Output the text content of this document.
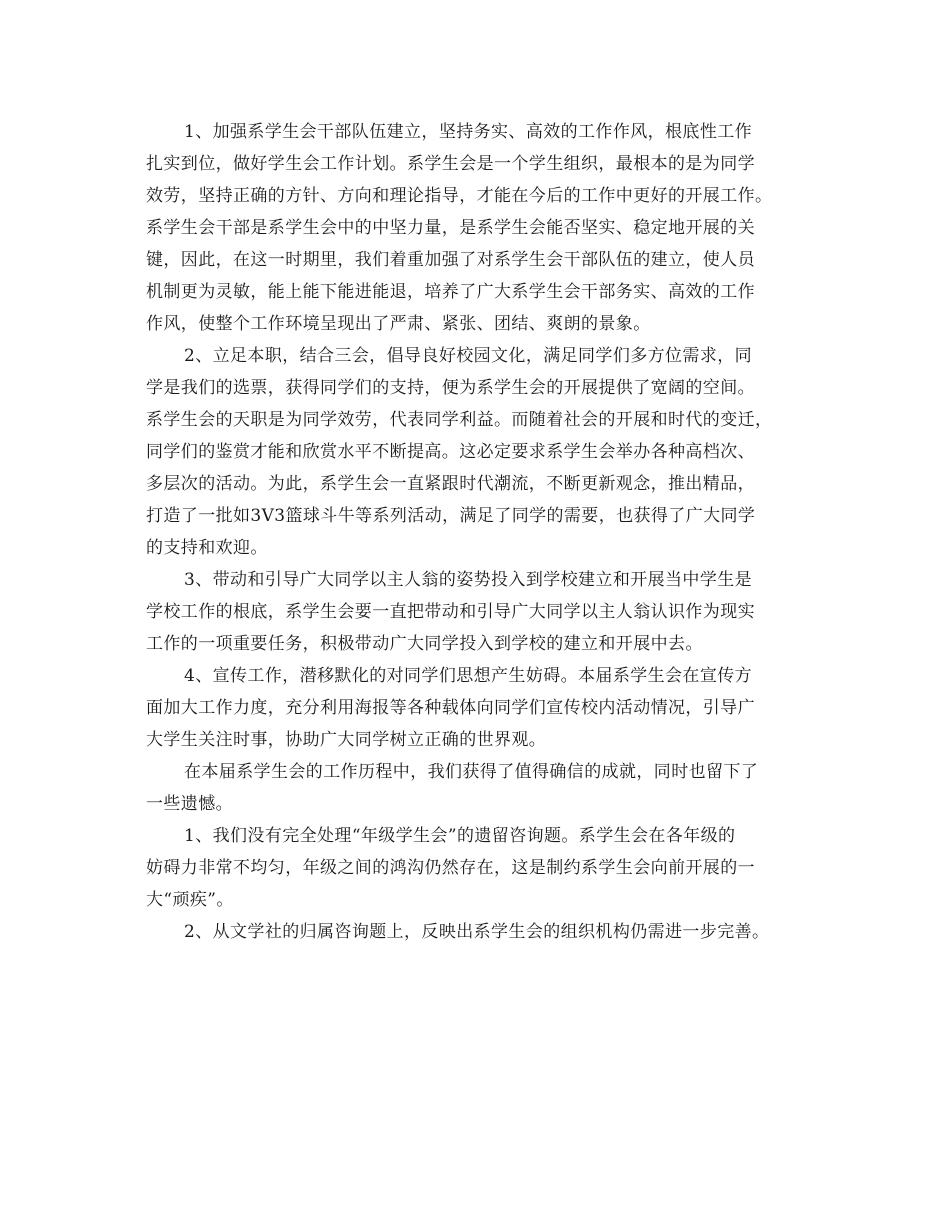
1、加强系学生会干部队伍建立，坚持务实、高效的工作作风，根底性工作
扎实到位，做好学生会工作计划。系学生会是一个学生组织，最根本的是为同学
效劳，坚持正确的方针、方向和理论指导，才能在今后的工作中更好的开展工作。
系学生会干部是系学生会中的中坚力量，是系学生会能否坚实、稳定地开展的关
键，因此，在这一时期里，我们着重加强了对系学生会干部队伍的建立，使人员
机制更为灵敏，能上能下能进能退，培养了广大系学生会干部务实、高效的工作
作风，使整个工作环境呈现出了严肃、紧张、团结、爽朗的景象。

2、立足本职，结合三会，倡导良好校园文化，满足同学们多方位需求，同
学是我们的选票，获得同学们的支持，便为系学生会的开展提供了宽阔的空间。
系学生会的天职是为同学效劳，代表同学利益。而随着社会的开展和时代的变迁，
同学们的鉴赏才能和欣赏水平不断提高。这必定要求系学生会举办各种高档次、
多层次的活动。为此，系学生会一直紧跟时代潮流，不断更新观念，推出精品，
打造了一批如3V3篮球斗牛等系列活动，满足了同学的需要，也获得了广大同学
的支持和欢迎。

3、带动和引导广大同学以主人翁的姿势投入到学校建立和开展当中学生是
学校工作的根底，系学生会要一直把带动和引导广大同学以主人翁认识作为现实
工作的一项重要任务，积极带动广大同学投入到学校的建立和开展中去。

4、宣传工作，潜移默化的对同学们思想产生妨碍。本届系学生会在宣传方
面加大工作力度，充分利用海报等各种载体向同学们宣传校内活动情况，引导广
大学生关注时事，协助广大同学树立正确的世界观。

在本届系学生会的工作历程中，我们获得了值得确信的成就，同时也留下了
一些遗憾。

1、我们没有完全处理“年级学生会”的遗留咨询题。系学生会在各年级的
妨碍力非常不均匀，年级之间的鸿沟仍然存在，这是制约系学生会向前开展的一
大“顽疾”。

2、从文学社的归属咨询题上，反映出系学生会的组织机构仍需进一步完善。
